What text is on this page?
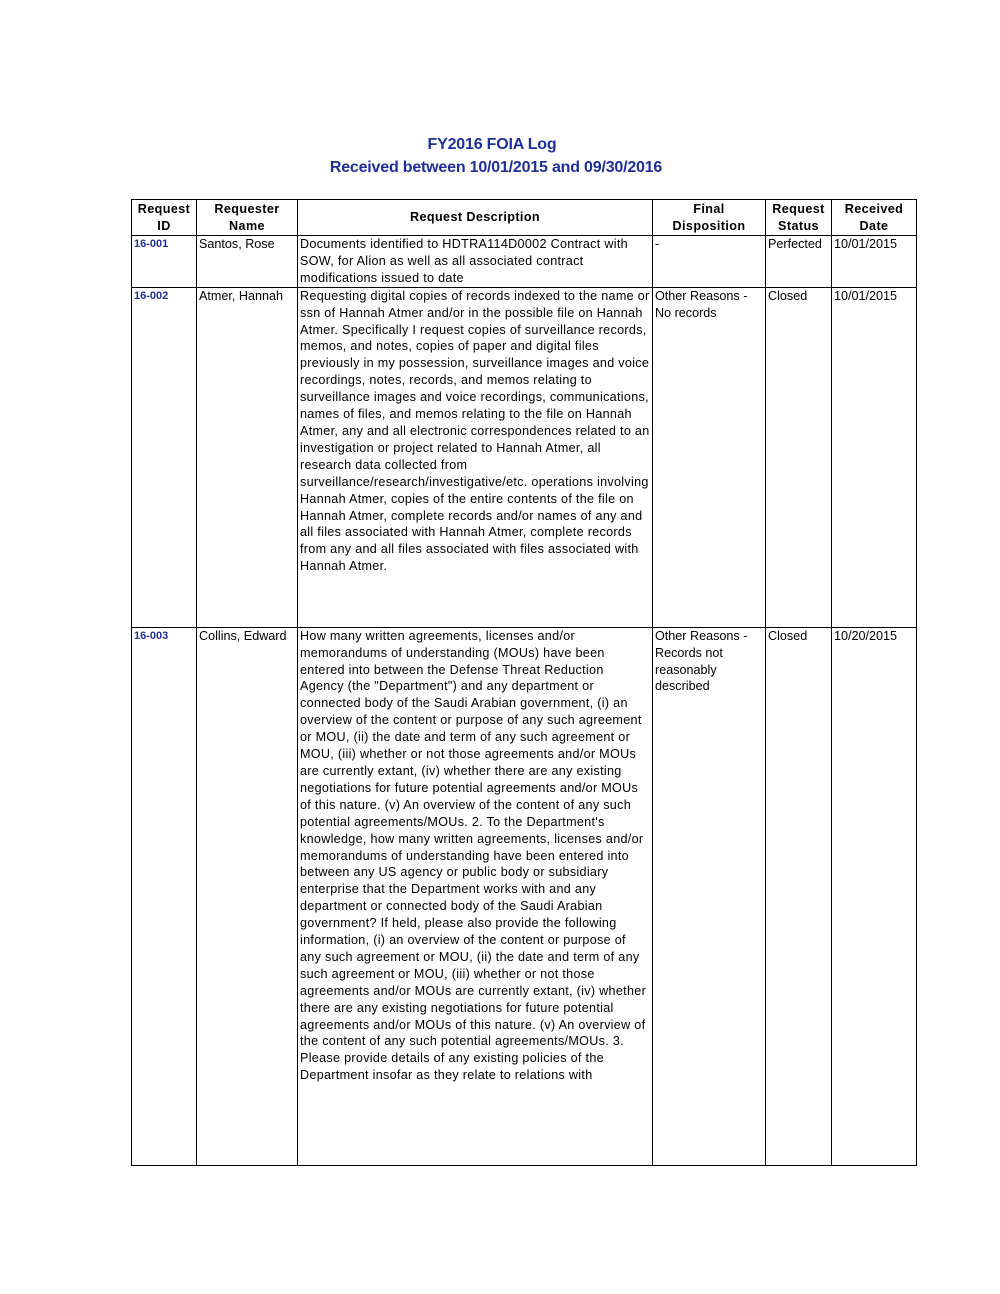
FY2016 FOIA Log
Received between 10/01/2015 and 09/30/2016
Request ID	Requester Name	Request Description	Final Disposition	Request Status	Received Date
16-001	Santos, Rose	Documents identified to HDTRA114D0002 Contract with SOW, for Alion as well as all associated contract modifications issued to date	-	Perfected	10/01/2015
16-002	Atmer, Hannah	Requesting digital copies of records indexed to the name or ssn of Hannah Atmer and/or in the possible file on Hannah Atmer. Specifically I request copies of surveillance records, memos, and notes, copies of paper and digital files previously in my possession, surveillance images and voice recordings, notes, records, and memos relating to surveillance images and voice recordings, communications, names of files, and memos relating to the file on Hannah Atmer, any and all electronic correspondences related to an investigation or project related to Hannah Atmer, all research data collected from surveillance/research/investigative/etc. operations involving Hannah Atmer, copies of the entire contents of the file on Hannah Atmer, complete records and/or names of any and all files associated with Hannah Atmer, complete records from any and all files associated with files associated with Hannah Atmer.	Other Reasons - No records	Closed	10/01/2015
16-003	Collins, Edward	How many written agreements, licenses and/or memorandums of understanding (MOUs) have been entered into between the Defense Threat Reduction Agency (the "Department") and any department or connected body of the Saudi Arabian government, (i) an overview of the content or purpose of any such agreement or MOU, (ii) the date and term of any such agreement or MOU, (iii) whether or not those agreements and/or MOUs are currently extant, (iv) whether there are any existing negotiations for future potential agreements and/or MOUs of this nature. (v) An overview of the content of any such potential agreements/MOUs. 2. To the Department's knowledge, how many written agreements, licenses and/or memorandums of understanding have been entered into between any US agency or public body or subsidiary enterprise that the Department works with and any department or connected body of the Saudi Arabian government? If held, please also provide the following information, (i) an overview of the content or purpose of any such agreement or MOU, (ii) the date and term of any such agreement or MOU, (iii) whether or not those agreements and/or MOUs are currently extant, (iv) whether there are any existing negotiations for future potential agreements and/or MOUs of this nature. (v) An overview of the content of any such potential agreements/MOUs. 3. Please provide details of any existing policies of the Department insofar as they relate to relations with	Other Reasons - Records not reasonably described	Closed	10/20/2015
